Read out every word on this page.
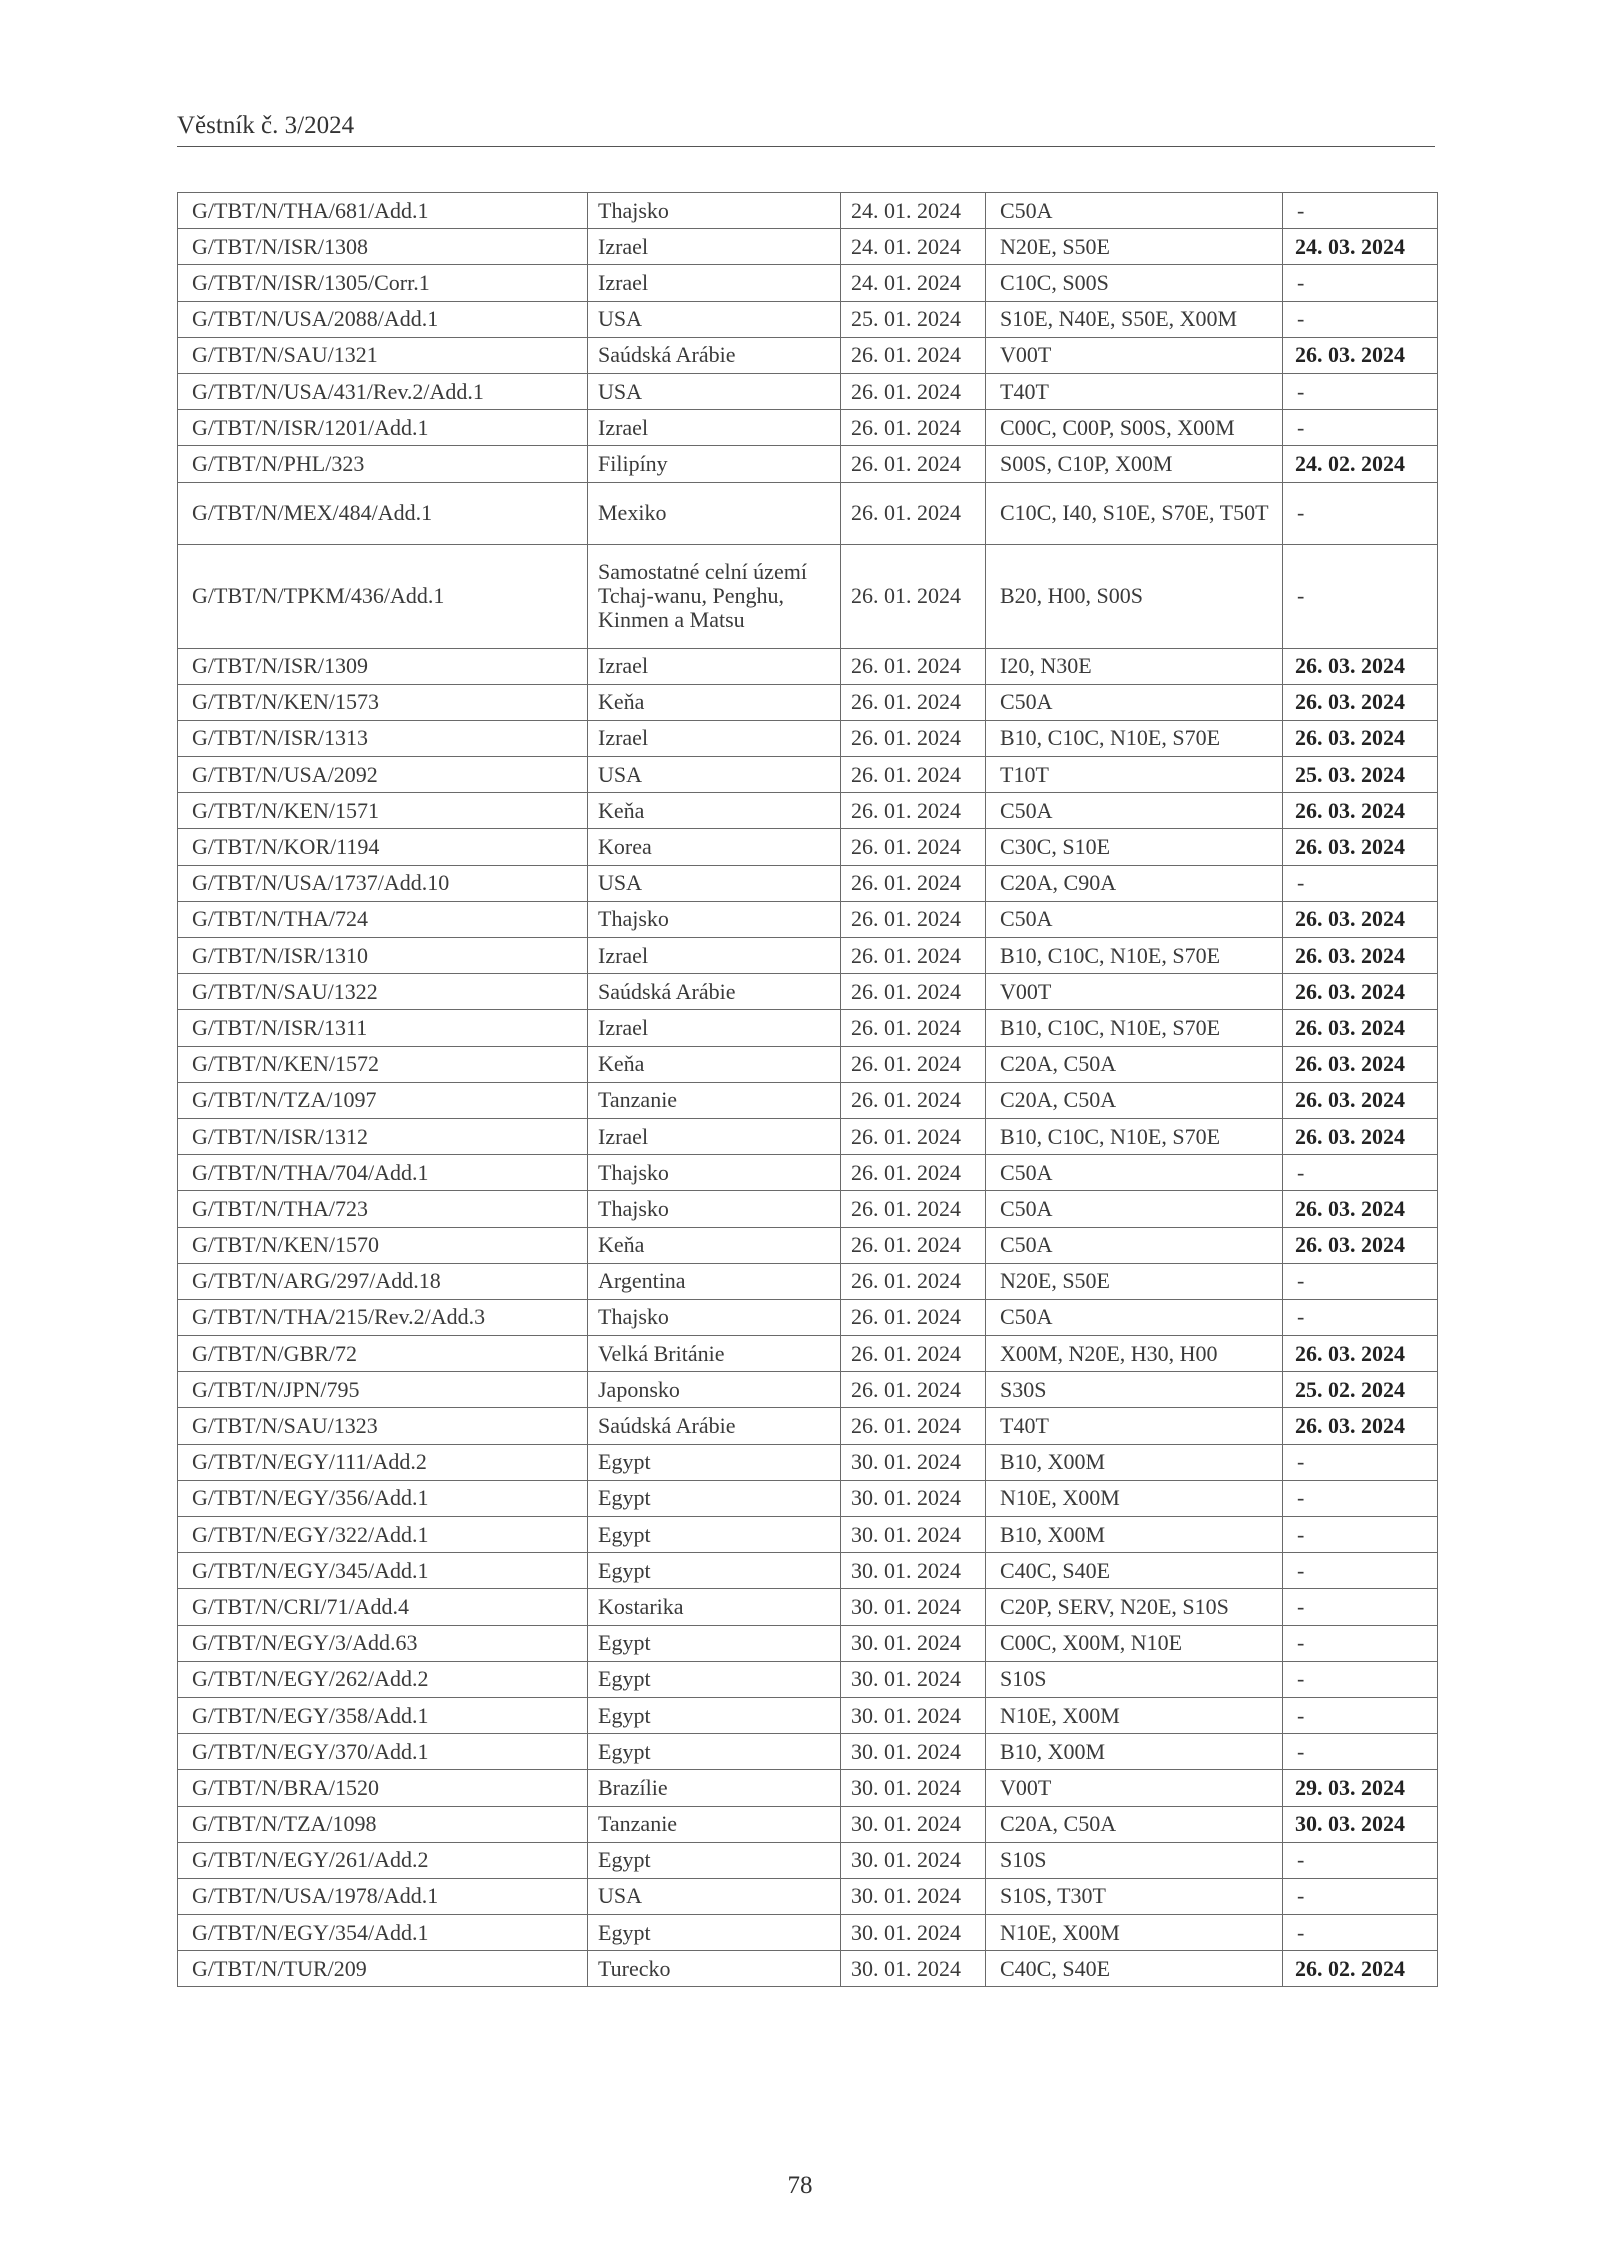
Věstník č. 3/2024
G/TBT/N/THA/681/Add.1	Thajsko	24. 01. 2024	C50A	-
G/TBT/N/ISR/1308	Izrael	24. 01. 2024	N20E, S50E	24. 03. 2024
G/TBT/N/ISR/1305/Corr.1	Izrael	24. 01. 2024	C10C, S00S	-
G/TBT/N/USA/2088/Add.1	USA	25. 01. 2024	S10E, N40E, S50E, X00M	-
G/TBT/N/SAU/1321	Saúdská Arábie	26. 01. 2024	V00T	26. 03. 2024
G/TBT/N/USA/431/Rev.2/Add.1	USA	26. 01. 2024	T40T	-
G/TBT/N/ISR/1201/Add.1	Izrael	26. 01. 2024	C00C, C00P, S00S, X00M	-
G/TBT/N/PHL/323	Filipíny	26. 01. 2024	S00S, C10P, X00M	24. 02. 2024
G/TBT/N/MEX/484/Add.1	Mexiko	26. 01. 2024	C10C, I40, S10E, S70E, T50T	-
G/TBT/N/TPKM/436/Add.1	Samostatné celní území Tchaj-wanu, Penghu, Kinmen a Matsu	26. 01. 2024	B20, H00, S00S	-
G/TBT/N/ISR/1309	Izrael	26. 01. 2024	I20, N30E	26. 03. 2024
G/TBT/N/KEN/1573	Keňa	26. 01. 2024	C50A	26. 03. 2024
G/TBT/N/ISR/1313	Izrael	26. 01. 2024	B10, C10C, N10E, S70E	26. 03. 2024
G/TBT/N/USA/2092	USA	26. 01. 2024	T10T	25. 03. 2024
G/TBT/N/KEN/1571	Keňa	26. 01. 2024	C50A	26. 03. 2024
G/TBT/N/KOR/1194	Korea	26. 01. 2024	C30C, S10E	26. 03. 2024
G/TBT/N/USA/1737/Add.10	USA	26. 01. 2024	C20A, C90A	-
G/TBT/N/THA/724	Thajsko	26. 01. 2024	C50A	26. 03. 2024
G/TBT/N/ISR/1310	Izrael	26. 01. 2024	B10, C10C, N10E, S70E	26. 03. 2024
G/TBT/N/SAU/1322	Saúdská Arábie	26. 01. 2024	V00T	26. 03. 2024
G/TBT/N/ISR/1311	Izrael	26. 01. 2024	B10, C10C, N10E, S70E	26. 03. 2024
G/TBT/N/KEN/1572	Keňa	26. 01. 2024	C20A, C50A	26. 03. 2024
G/TBT/N/TZA/1097	Tanzanie	26. 01. 2024	C20A, C50A	26. 03. 2024
G/TBT/N/ISR/1312	Izrael	26. 01. 2024	B10, C10C, N10E, S70E	26. 03. 2024
G/TBT/N/THA/704/Add.1	Thajsko	26. 01. 2024	C50A	-
G/TBT/N/THA/723	Thajsko	26. 01. 2024	C50A	26. 03. 2024
G/TBT/N/KEN/1570	Keňa	26. 01. 2024	C50A	26. 03. 2024
G/TBT/N/ARG/297/Add.18	Argentina	26. 01. 2024	N20E, S50E	-
G/TBT/N/THA/215/Rev.2/Add.3	Thajsko	26. 01. 2024	C50A	-
G/TBT/N/GBR/72	Velká Británie	26. 01. 2024	X00M, N20E, H30, H00	26. 03. 2024
G/TBT/N/JPN/795	Japonsko	26. 01. 2024	S30S	25. 02. 2024
G/TBT/N/SAU/1323	Saúdská Arábie	26. 01. 2024	T40T	26. 03. 2024
G/TBT/N/EGY/111/Add.2	Egypt	30. 01. 2024	B10, X00M	-
G/TBT/N/EGY/356/Add.1	Egypt	30. 01. 2024	N10E, X00M	-
G/TBT/N/EGY/322/Add.1	Egypt	30. 01. 2024	B10, X00M	-
G/TBT/N/EGY/345/Add.1	Egypt	30. 01. 2024	C40C, S40E	-
G/TBT/N/CRI/71/Add.4	Kostarika	30. 01. 2024	C20P, SERV, N20E, S10S	-
G/TBT/N/EGY/3/Add.63	Egypt	30. 01. 2024	C00C, X00M, N10E	-
G/TBT/N/EGY/262/Add.2	Egypt	30. 01. 2024	S10S	-
G/TBT/N/EGY/358/Add.1	Egypt	30. 01. 2024	N10E, X00M	-
G/TBT/N/EGY/370/Add.1	Egypt	30. 01. 2024	B10, X00M	-
G/TBT/N/BRA/1520	Brazílie	30. 01. 2024	V00T	29. 03. 2024
G/TBT/N/TZA/1098	Tanzanie	30. 01. 2024	C20A, C50A	30. 03. 2024
G/TBT/N/EGY/261/Add.2	Egypt	30. 01. 2024	S10S	-
G/TBT/N/USA/1978/Add.1	USA	30. 01. 2024	S10S, T30T	-
G/TBT/N/EGY/354/Add.1	Egypt	30. 01. 2024	N10E, X00M	-
G/TBT/N/TUR/209	Turecko	30. 01. 2024	C40C, S40E	26. 02. 2024
78
